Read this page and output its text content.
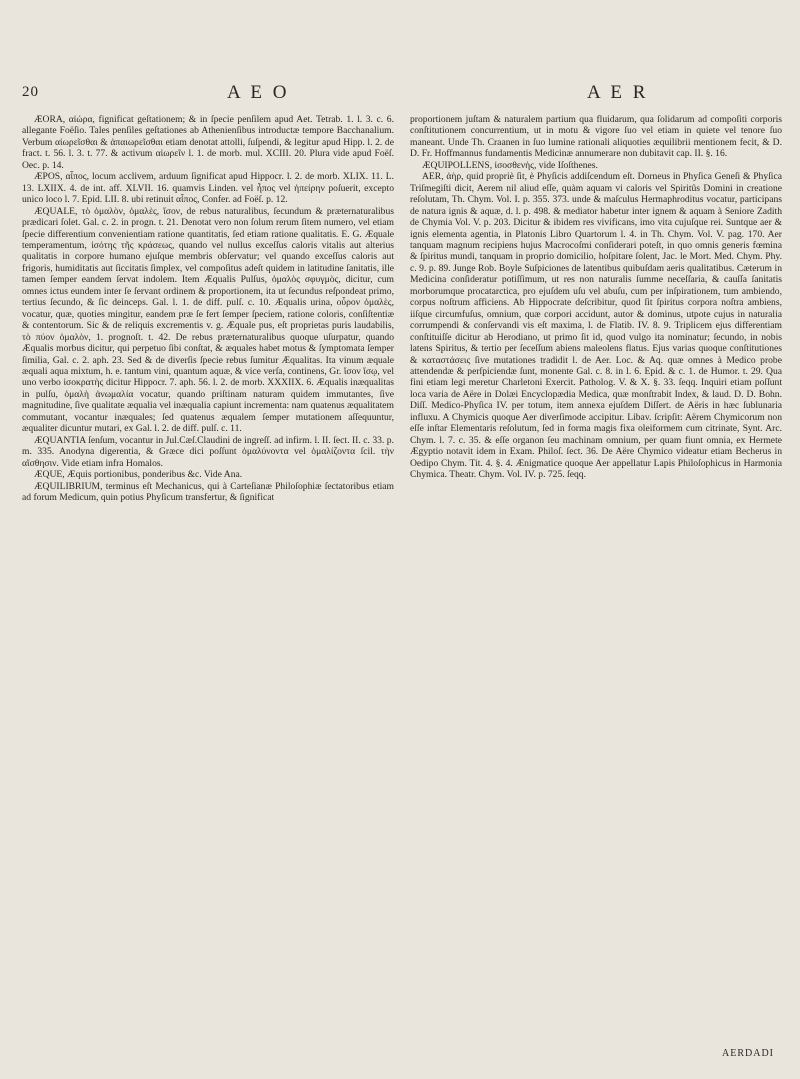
20	A E O	A E R

ÆORA, αἰώρα, fignificat geſtationem; & in ſpecie penſilem apud Aet. Tetrab. 1. l. 3. c. 6. allegante Foëſio. Tales penſiles geſtationes ab Athenienſibus introductæ tempore Bacchanalium. Verbum αἰωρεῖσθαι & ἀπαιωρεῖσθαι etiam denotat attolli, ſuſpendi, & legitur apud Hipp. l. 2. de fract. t. 56. l. 3. t. 77. & activum αἰωρεῖν l. 1. de morb. mul. XCIII. 20. Plura vide apud Foëſ. Oec. p. 14.

ÆPOS, αἶπος, locum acclivem, arduum ſignificat apud Hippocr. l. 2. de morb. XLIX. 11. L. 13. LXIIX. 4. de int. aff. XLVII. 16. quamvis Linden. vel ἦπος vel ἠπείρην poſuerit, excepto unico loco l. 7. Epid. LII. 8. ubi retinuit αἶπος, Confer. ad Foëſ. p. 12.

ÆQUALE, τὸ ὁμαλὸν, ὁμαλὲς, ἴσον, de rebus naturalibus, ſecundum & præternaturalibus prædicari ſolet. Gal. c. 2. in progn. t. 21. Denotat vero non ſolum rerum ſitem numero, vel etiam ſpecie differentium convenientiam ratione quantitatis, ſed etiam ratione qualitatis. E. G. Æquale temperamentum, ἰσότης τῆς κράσεως, quando vel nullus exceſſus caloris vitalis aut alterius qualitatis in corpore humano ejuſque membris obſervatur; vel quando exceſſus caloris aut frigoris, humiditatis aut ſiccitatis ſimplex, vel compoſitus adeſt quidem in latitudine ſanitatis, ille tamen ſemper eandem ſervat indolem. Item Æqualis Pulſus, ὁμαλὸς σφυγμὸς, dicitur, cum omnes ictus eundem inter ſe ſervant ordinem & proportionem, ita ut ſecundus reſpondeat primo, tertius ſecundo, & ſic deinceps. Gal. l. 1. de diff. pulſ. c. 10. Æqualis urina, οὖρον ὁμαλὲς, vocatur, quæ, quoties mingitur, eandem præ ſe fert ſemper ſpeciem, ratione coloris, conſiſtentiæ & contentorum. Sic & de reliquis excrementis v. g. Æquale pus, eſt proprietas puris laudabilis, τὸ πύον ὁμαλὸν, 1. prognoſt. t. 42. De rebus præternaturalibus quoque uſurpatur, quando Æqualis morbus dicitur, qui perpetuo ſibi conſtat, & æquales habet motus & ſymptomata ſemper ſimilia, Gal. c. 2. aph. 23. Sed & de diverſis ſpecie rebus ſumitur Æqualitas. Ita vinum æquale æquali aqua mixtum, h. e. tantum vini, quantum aquæ, & vice verſa, continens, Gr. ἴσον ἴσῳ, vel uno verbo ἰσοκρατὴς dicitur Hippocr. 7. aph. 56. l. 2. de morb. XXXIIX. 6. Æqualis inæqualitas in pulſu, ὁμαλὴ ἀνωμαλία vocatur, quando priſtinam naturam quidem immutantes, ſive magnitudine, ſive qualitate æqualia vel inæqualia capiunt incrementa: nam quatenus æqualitatem commutant, vocantur inæquales; ſed quatenus æqualem ſemper mutationem aſſequuntur, æqualiter dicuntur mutari, ex Gal. l. 2. de diff. pulſ. c. 11.

ÆQUANTIA ſenſum, vocantur in Jul.Cæſ.Claudini de ingreſſ. ad infirm. l. II. ſect. II. c. 33. p. m. 335. Anodyna digerentia, & Græce dici poſſunt ὁμαλύνοντα vel ὁμαλίζοντα ſcil. τὴν αἴσθησιν. Vide etiam infra Homalos.

ÆQUE, Æquis portionibus, ponderibus &c. Vide Ana.

ÆQUILIBRIUM, terminus eſt Mechanicus, qui à Carteſianæ Philoſophiæ ſectatoribus etiam ad forum Medicum, quin potius Phyſicum transfertur, & ſignificat

proportionem juſtam & naturalem partium qua fluidarum, qua ſolidarum ad compoſiti corporis conſtitutionem concurrentium, ut in motu & vigore ſuo vel etiam in quiete vel tenore ſuo maneant. Unde Th. Craanen in ſuo lumine rationali aliquoties æquilibrii mentionem fecit, & D. D. Fr. Hoffmannus fundamentis Medicinæ annumerare non dubitavit cap. II. §. 16.

ÆQUIPOLLENS, ἰσοσθενὴς, vide Iſoſthenes.

AER, ἀὴρ, quid propriè ſit, è Phyſicis addiſcendum eſt. Dorneus in Phyſica Geneſi & Phyſica Triſmegiſti dicit, Aerem nil aliud eſſe, quàm aquam vi caloris vel Spiritûs Domini in creatione reſolutam, Th. Chym. Vol. I. p. 355. 373. unde & maſculus Hermaphroditus vocatur, participans de natura ignis & aquæ, d. l. p. 498. & mediator habetur inter ignem & aquam à Seniore Zadith de Chymia Vol. V. p. 203. Dicitur & ibidem res vivificans, imo vita cujuſque rei. Suntque aer & ignis elementa agentia, in Platonis Libro Quartorum l. 4. in Th. Chym. Vol. V. pag. 170. Aer tanquam magnum recipiens hujus Macrocoſmi conſiderari poteſt, in quo omnis generis fœmina & ſpiritus mundi, tanquam in proprio domicilio, hoſpitare ſolent, Jac. le Mort. Med. Chym. Phy. c. 9. p. 89. Junge Rob. Boyle Suſpiciones de latentibus quibuſdam aeris qualitatibus. Cæterum in Medicina conſideratur potiſſimum, ut res non naturalis ſumme neceſſaria, & cauſſa ſanitatis morborumque procatarctica, pro ejuſdem uſu vel abuſu, cum per inſpirationem, tum ambiendo, corpus noſtrum afficiens. Ab Hippocrate deſcribitur, quod ſit ſpiritus corpora noſtra ambiens, iiſque circumfuſus, omnium, quæ corpori accidunt, autor & dominus, utpote cujus in naturalia corrumpendi & conſervandi vis eſt maxima, l. de Flatib. IV. 8. 9. Triplicem ejus differentiam conſtituiſſe dicitur ab Herodiano, ut primo ſit id, quod vulgo ita nominatur; ſecundo, in nobis latens Spiritus, & tertio per ſeceſſum abiens maleolens flatus. Ejus varias quoque conſtitutiones & καταστάσεις ſive mutationes tradidit l. de Aer. Loc. & Aq. quæ omnes à Medico probe attendendæ & perſpiciendæ ſunt, monente Gal. c. 8. in l. 6. Epid. & c. 1. de Humor. t. 29. Qua fini etiam legi meretur Charletoni Exercit. Patholog. V. & X. §. 33. ſeqq. Inquiri etiam poſſunt loca varia de Aëre in Dolæi Encyclopædia Medica, quæ monſtrabit Index, & laud. D. D. Bohn. Diſſ. Medico-Phyſica IV. per totum, item annexa ejuſdem Diſſert. de Aëris in hæc ſublunaria influxu. A Chymicis quoque Aer diverſimode accipitur. Libav. ſcripſit: Aërem Chymicorum non eſſe inſtar Elementaris reſolutum, ſed in forma magis fixa oleiformem cum citrinate, Synt. Arc. Chym. l. 7. c. 35. & eſſe organon ſeu machinam omnium, per quam fiunt omnia, ex Hermete Ægyptio notavit idem in Exam. Philoſ. ſect. 36. De Aëre Chymico videatur etiam Becherus in Oedipo Chym. Tit. 4. §. 4. Ænigmatice quoque Aer appellatur Lapis Philoſophicus in Harmonia Chymica. Theatr. Chym. Vol. IV. p. 725. ſeqq.

AERDADI
